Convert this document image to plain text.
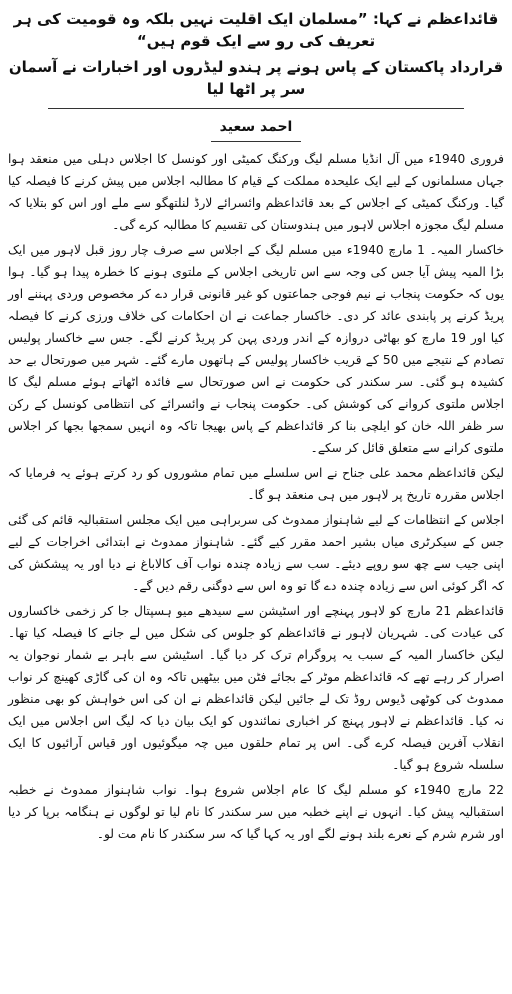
قائداعظم نے کہا: ”مسلمان ایک اقلیت نہیں بلکہ وہ قومیت کی ہر تعریف کی رو سے ایک قوم ہیں“
قرارداد پاکستان کے پاس ہونے پر ہندو لیڈروں اور اخبارات نے آسمان سر پر اٹھا لیا
احمد سعید

فروری 1940ء میں آل انڈیا مسلم لیگ ورکنگ کمیٹی اور کونسل کا اجلاس دہلی میں منعقد ہوا جہاں مسلمانوں کے لیے ایک علیحدہ مملکت کے قیام کا مطالبہ اجلاس میں پیش کرنے کا فیصلہ کیا گیا۔ ورکنگ کمیٹی کے اجلاس کے بعد قائداعظم وائسرائے لارڈ لنلتھگو سے ملے اور اس کو بتلایا کہ مسلم لیگ مجوزہ اجلاس لاہور میں ہندوستان کی تقسیم کا مطالبہ کرے گی۔

خاکسار المیہ۔ 1 مارچ 1940ء میں مسلم لیگ کے اجلاس سے صرف چار روز قبل لاہور میں ایک بڑا المیہ پیش آیا جس کی وجہ سے اس تاریخی اجلاس کے ملتوی ہونے کا خطرہ پیدا ہو گیا۔ ہوا یوں کہ حکومت پنجاب نے نیم فوجی جماعتوں کو غیر قانونی قرار دے کر مخصوص وردی پہننے اور پریڈ کرنے پر پابندی عائد کر دی۔ خاکسار جماعت نے ان احکامات کی خلاف ورزی کرنے کا فیصلہ کیا اور 19 مارچ کو بھاٹی دروازہ کے اندر وردی پہن کر پریڈ کرنے لگے۔ جس سے خاکسار پولیس تصادم کے نتیجے میں 50 کے قریب خاکسار پولیس کے ہاتھوں مارے گئے۔ شہر میں صورتحال بے حد کشیدہ ہو گئی۔ سر سکندر کی حکومت نے اس صورتحال سے فائدہ اٹھاتے ہوئے مسلم لیگ کا اجلاس ملتوی کروانے کی کوشش کی۔ حکومت پنجاب نے وائسرائے کی انتظامی کونسل کے رکن سر ظفر اللہ خان کو ایلچی بنا کر قائداعظم کے پاس بھیجا تاکہ وہ انہیں سمجھا بجھا کر اجلاس ملتوی کرانے سے متعلق قائل کر سکے۔

لیکن قائداعظم محمد علی جناح نے اس سلسلے میں تمام مشوروں کو رد کرتے ہوئے یہ فرمایا کہ اجلاس مقررہ تاریخ پر لاہور میں ہی منعقد ہو گا۔

اجلاس کے انتظامات کے لیے شاہنواز ممدوٹ کی سربراہی میں ایک مجلس استقبالیہ قائم کی گئی جس کے سیکرٹری میاں بشیر احمد مقرر کیے گئے۔ شاہنواز ممدوٹ نے ابتدائی اخراجات کے لیے اپنی جیب سے چھ سو روپے دیئے۔ سب سے زیادہ چندہ نواب آف کالاباغ نے دیا اور یہ پیشکش کی کہ اگر کوئی اس سے زیادہ چندہ دے گا تو وہ اس سے دوگنی رقم دیں گے۔

قائداعظم 21 مارچ کو لاہور پہنچے اور اسٹیشن سے سیدھے میو ہسپتال جا کر زخمی خاکساروں کی عیادت کی۔ شہریان لاہور نے قائداعظم کو جلوس کی شکل میں لے جانے کا فیصلہ کیا تھا۔ لیکن خاکسار المیہ کے سبب یہ پروگرام ترک کر دیا گیا۔ اسٹیشن سے باہر بے شمار نوجوان یہ اصرار کر رہے تھے کہ قائداعظم موٹر کے بجائے فٹن میں بیٹھیں تاکہ وہ ان کی گاڑی کھینچ کر نواب ممدوٹ کی کوٹھی ڈیوس روڈ تک لے جائیں لیکن قائداعظم نے ان کی اس خواہش کو بھی منظور نہ کیا۔ قائداعظم نے لاہور پہنچ کر اخباری نمائندوں کو ایک بیان دیا کہ لیگ اس اجلاس میں ایک انقلاب آفرین فیصلہ کرے گی۔ اس پر تمام حلقوں میں چہ میگوئیوں اور قیاس آرائیوں کا ایک سلسلہ شروع ہو گیا۔

22 مارچ 1940ء کو مسلم لیگ کا عام اجلاس شروع ہوا۔ نواب شاہنواز ممدوٹ نے خطبہ استقبالیہ پیش کیا۔ انہوں نے اپنے خطبہ میں سر سکندر کا نام لیا تو لوگوں نے ہنگامہ برپا کر دیا اور شرم شرم کے نعرے بلند ہونے لگے اور یہ کہا گیا کہ سر سکندر کا نام مت لو۔
